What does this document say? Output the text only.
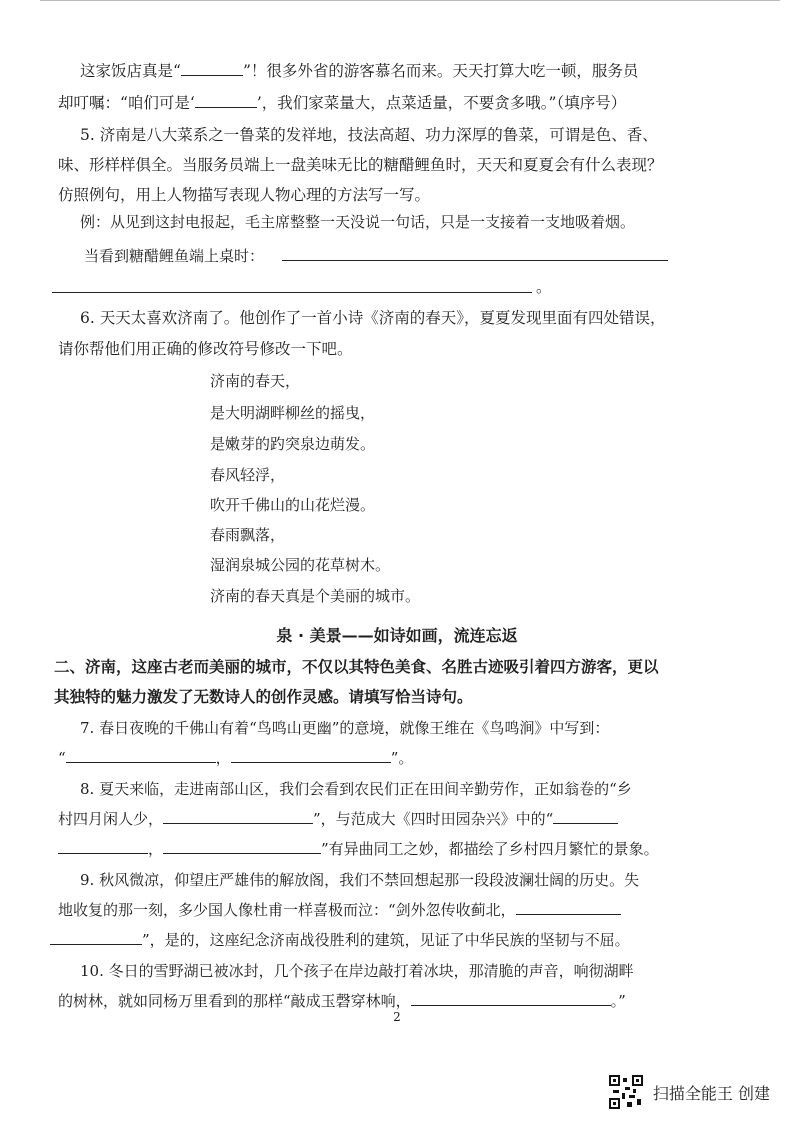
这家饭店真是“	”！很多外省的游客慕名而来。天天打算大吃一顿，服务员
却叮嘱：“咱们可是‘	’，我们家菜量大，点菜适量，不要贪多哦。”（填序号）
5. 济南是八大菜系之一鲁菜的发祥地，技法高超、功力深厚的鲁菜，可谓是色、香、
味、形样样俱全。当服务员端上一盘美味无比的糖醋鲤鱼时，天天和夏夏会有什么表现？
仿照例句，用上人物描写表现人物心理的方法写一写。
例：从见到这封电报起，毛主席整整一天没说一句话，只是一支接着一支地吸着烟。
当看到糖醋鲤鱼端上桌时：
。
6. 天天太喜欢济南了。他创作了一首小诗《济南的春天》，夏夏发现里面有四处错误，
请你帮他们用正确的修改符号修改一下吧。
济南的春天，
是大明湖畔柳丝的摇曳，
是嫩芽的趵突泉边萌发。
春风轻浮，
吹开千佛山的山花烂漫。
春雨飘落，
湿润泉城公园的花草树木。
济南的春天真是个美丽的城市。
泉 · 美景——如诗如画，流连忘返
二、济南，这座古老而美丽的城市，不仅以其特色美食、名胜古迹吸引着四方游客，更以
其独特的魅力激发了无数诗人的创作灵感。请填写恰当诗句。
7. 春日夜晚的千佛山有着“鸟鸣山更幽”的意境，就像王维在《鸟鸣涧》中写到：
“	，	”。
8. 夏天来临，走进南部山区，我们会看到农民们正在田间辛勤劳作，正如翁卷的“乡
村四月闲人少，	”，与范成大《四时田园杂兴》中的“
，	”有异曲同工之妙，都描绘了乡村四月繁忙的景象。
9. 秋风微凉，仰望庄严雄伟的解放阁，我们不禁回想起那一段段波澜壮阔的历史。失
地收复的那一刻，多少国人像杜甫一样喜极而泣：“剑外忽传收蓟北，
”，是的，这座纪念济南战役胜利的建筑，见证了中华民族的坚韧与不屈。
10. 冬日的雪野湖已被冰封，几个孩子在岸边敲打着冰块，那清脆的声音，响彻湖畔
的树林，就如同杨万里看到的那样“敲成玉磬穿林响，	。”
2
扫描全能王 创建
